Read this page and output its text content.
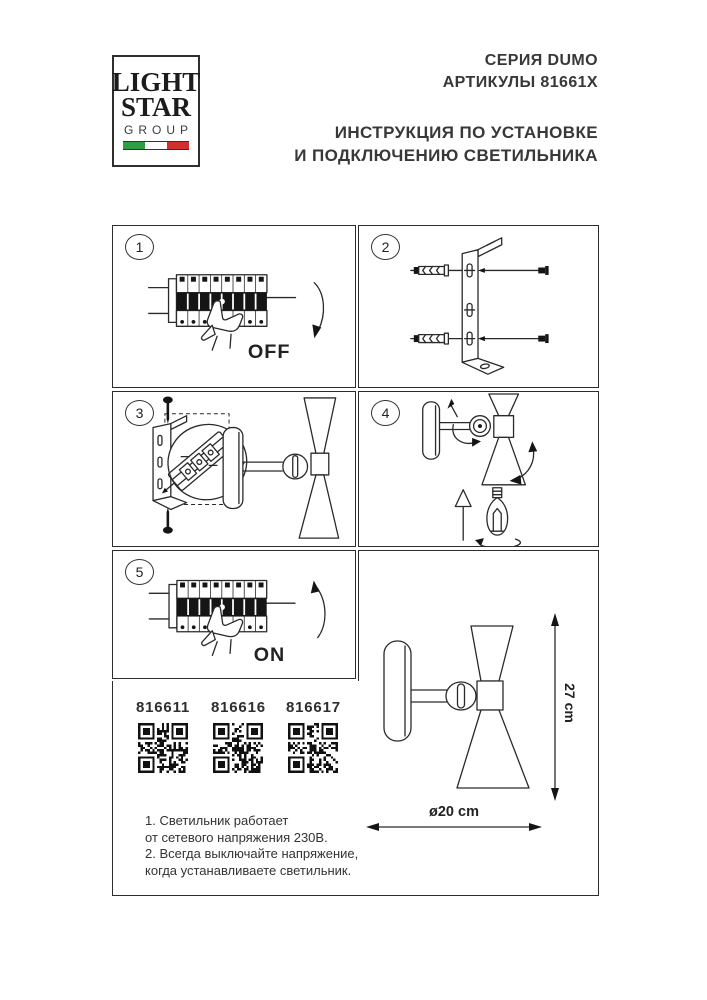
LIGHT
STAR
GROUP
СЕРИЯ DUMO
АРТИКУЛЫ 81661X
ИНСТРУКЦИЯ ПО УСТАНОВКЕ
И ПОДКЛЮЧЕНИЮ СВЕТИЛЬНИКА
1
OFF
2
3	4
5
ON
816611 816616 816617
1. Светильник работает
от сетевого напряжения 230В.
2. Всегда выключайте напряжение,
когда устанавливаете светильник.
27 cm
ø20 cm
